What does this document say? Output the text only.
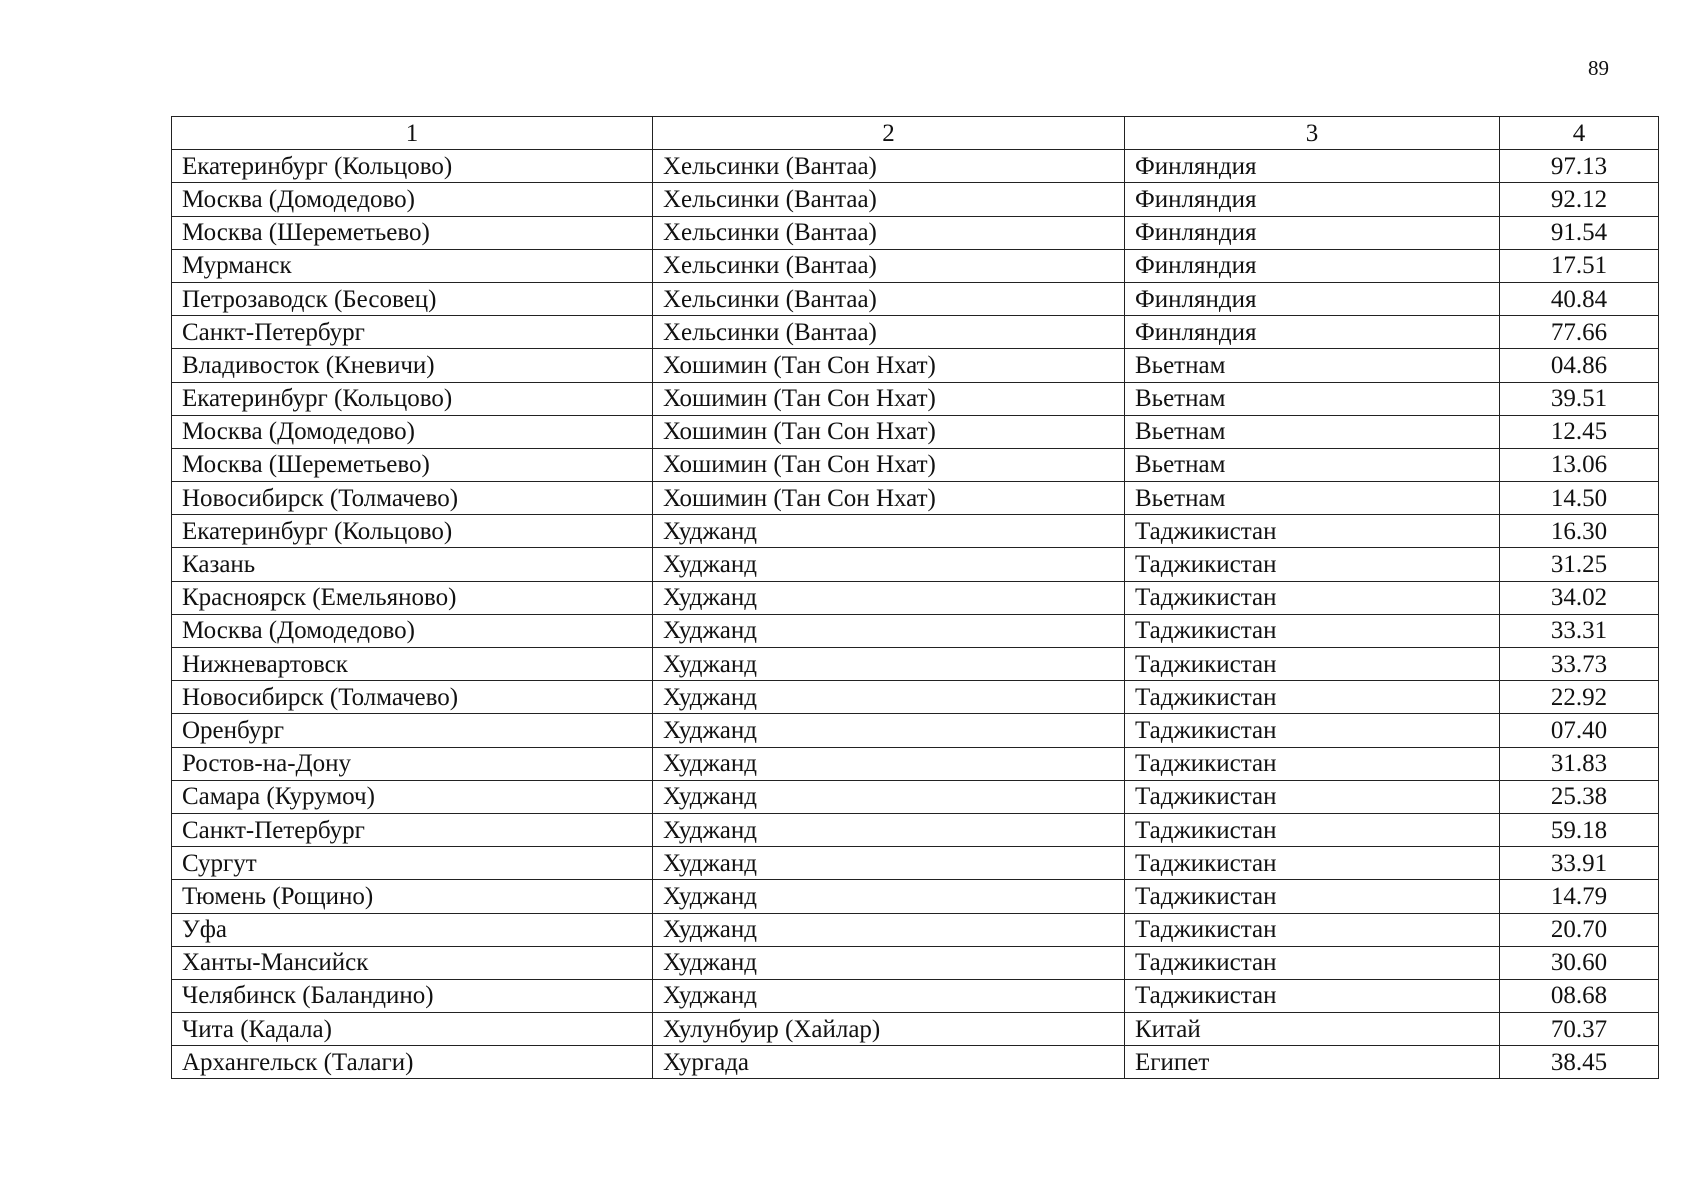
89
1	2	3	4
Екатеринбург (Кольцово)	Хельсинки (Вантаа)	Финляндия	97.13
Москва (Домодедово)	Хельсинки (Вантаа)	Финляндия	92.12
Москва (Шереметьево)	Хельсинки (Вантаа)	Финляндия	91.54
Мурманск	Хельсинки (Вантаа)	Финляндия	17.51
Петрозаводск (Бесовец)	Хельсинки (Вантаа)	Финляндия	40.84
Санкт-Петербург	Хельсинки (Вантаа)	Финляндия	77.66
Владивосток (Кневичи)	Хошимин (Тан Сон Нхат)	Вьетнам	04.86
Екатеринбург (Кольцово)	Хошимин (Тан Сон Нхат)	Вьетнам	39.51
Москва (Домодедово)	Хошимин (Тан Сон Нхат)	Вьетнам	12.45
Москва (Шереметьево)	Хошимин (Тан Сон Нхат)	Вьетнам	13.06
Новосибирск (Толмачево)	Хошимин (Тан Сон Нхат)	Вьетнам	14.50
Екатеринбург (Кольцово)	Худжанд	Таджикистан	16.30
Казань	Худжанд	Таджикистан	31.25
Красноярск (Емельяново)	Худжанд	Таджикистан	34.02
Москва (Домодедово)	Худжанд	Таджикистан	33.31
Нижневартовск	Худжанд	Таджикистан	33.73
Новосибирск (Толмачево)	Худжанд	Таджикистан	22.92
Оренбург	Худжанд	Таджикистан	07.40
Ростов-на-Дону	Худжанд	Таджикистан	31.83
Самара (Курумоч)	Худжанд	Таджикистан	25.38
Санкт-Петербург	Худжанд	Таджикистан	59.18
Сургут	Худжанд	Таджикистан	33.91
Тюмень (Рощино)	Худжанд	Таджикистан	14.79
Уфа	Худжанд	Таджикистан	20.70
Ханты-Мансийск	Худжанд	Таджикистан	30.60
Челябинск (Баландино)	Худжанд	Таджикистан	08.68
Чита (Кадала)	Хулунбуир (Хайлар)	Китай	70.37
Архангельск (Талаги)	Хургада	Египет	38.45
